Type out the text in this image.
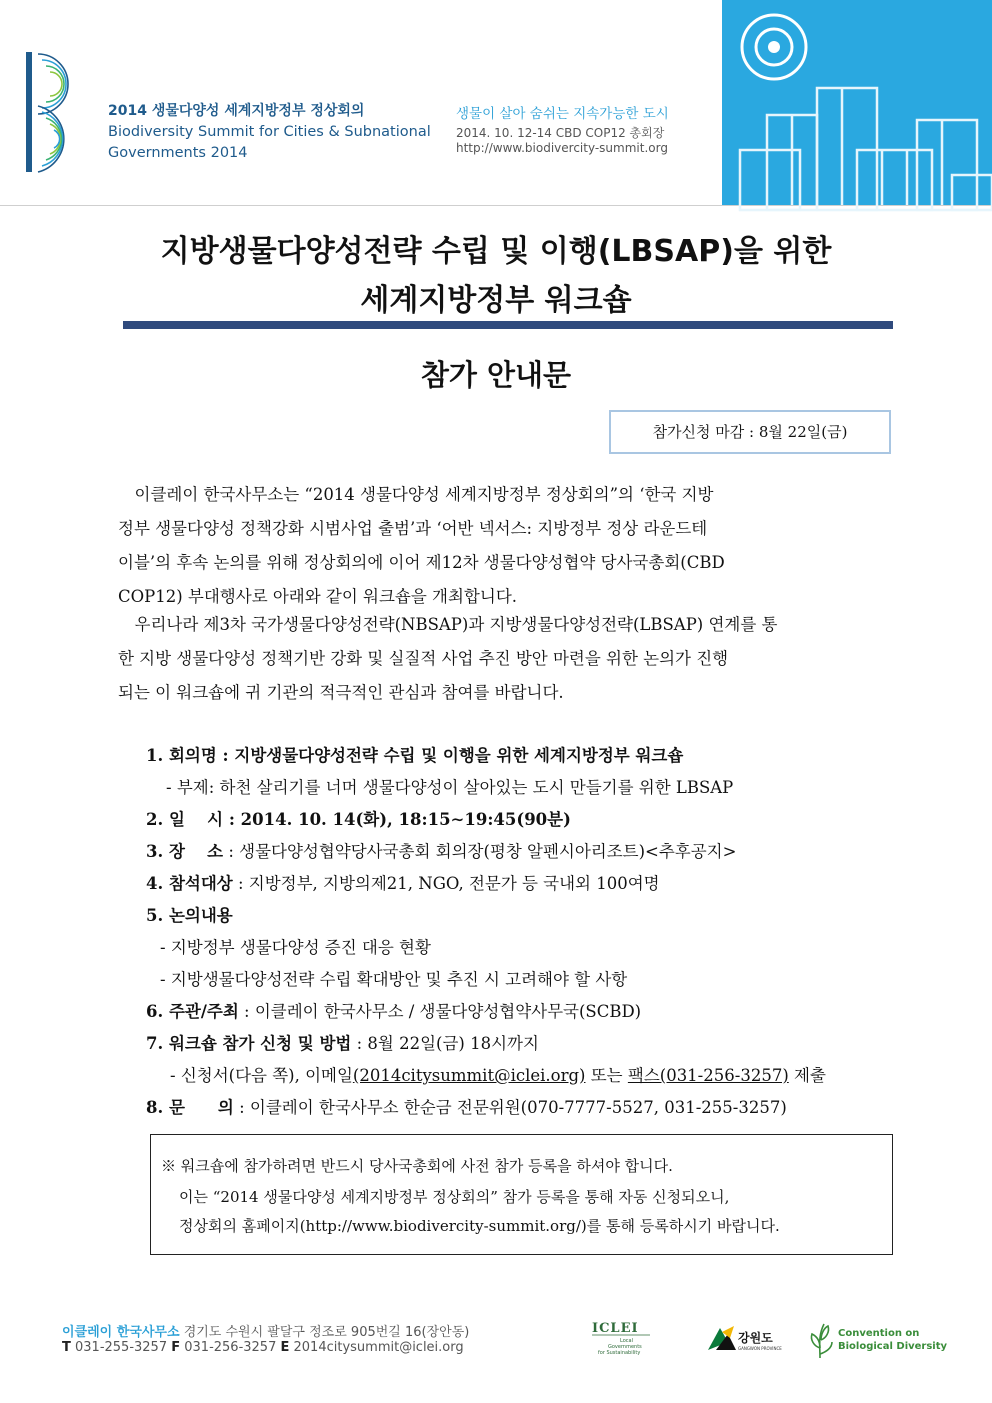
2014 생물다양성 세계지방정부 정상회의
Biodiversity Summit for Cities & Subnational
Governments 2014
생물이 살아 숨쉬는 지속가능한 도시
2014. 10. 12-14 CBD COP12 총회장
http://www.biodivercity-summit.org
지방생물다양성전략 수립 및 이행(LBSAP)을 위한
세계지방정부 워크숍
참가 안내문
참가신청 마감 : 8월 22일(금)
　이클레이 한국사무소는 “2014 생물다양성 세계지방정부 정상회의”의 ‘한국 지방
정부 생물다양성 정책강화 시범사업 출범’과 ‘어반 넥서스: 지방정부 정상 라운드테
이블’의 후속 논의를 위해 정상회의에 이어 제12차 생물다양성협약 당사국총회(CBD
COP12) 부대행사로 아래와 같이 워크숍을 개최합니다.
　우리나라 제3차 국가생물다양성전략(NBSAP)과 지방생물다양성전략(LBSAP) 연계를 통
한 지방 생물다양성 정책기반 강화 및 실질적 사업 추진 방안 마련을 위한 논의가 진행
되는 이 워크숍에 귀 기관의 적극적인 관심과 참여를 바랍니다.
1. 회의명 : 지방생물다양성전략 수립 및 이행을 위한 세계지방정부 워크숍
- 부제: 하천 살리기를 너머 생물다양성이 살아있는 도시 만들기를 위한 LBSAP
2. 일　 시 : 2014. 10. 14(화), 18:15∼19:45(90분)
3. 장　 소 : 생물다양성협약당사국총회 회의장(평창 알펜시아리조트)<추후공지>
4. 참석대상 : 지방정부, 지방의제21, NGO, 전문가 등 국내외 100여명
5. 논의내용
- 지방정부 생물다양성 증진 대응 현황
- 지방생물다양성전략 수립 확대방안 및 추진 시 고려해야 할 사항
6. 주관/주최 : 이클레이 한국사무소 / 생물다양성협약사무국(SCBD)
7. 워크숍 참가 신청 및 방법 : 8월 22일(금) 18시까지
- 신청서(다음 쪽), 이메일(2014citysummit@iclei.org) 또는 팩스(031-256-3257) 제출
8. 문　　의 : 이클레이 한국사무소 한순금 전문위원(070-7777-5527, 031-255-3257)
※ 워크숍에 참가하려면 반드시 당사국총회에 사전 참가 등록을 하셔야 합니다.
이는 “2014 생물다양성 세계지방정부 정상회의” 참가 등록을 통해 자동 신청되오니,
정상회의 홈페이지(http://www.biodivercity-summit.org/)를 통해 등록하시기 바랍니다.
이클레이 한국사무소 경기도 수원시 팔달구 정조로 905번길 16(장안동)
T 031-255-3257 F 031-256-3257 E 2014citysummit@iclei.org
ICLEI
Local
Governments
for Sustainability
강원도
GANGWON PROVINCE
Convention on
Biological Diversity
